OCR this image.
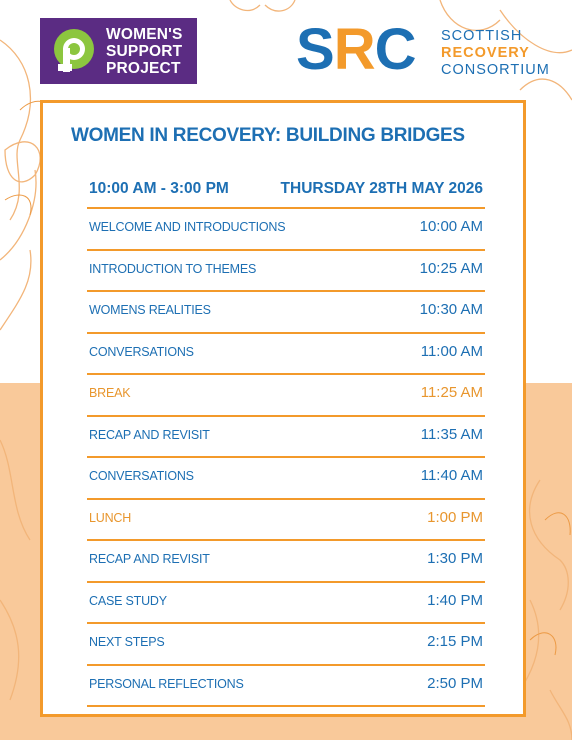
WOMEN'S
SUPPORT
PROJECT SRC SCOTTISH
RECOVERY
CONSORTIUM
WOMEN IN RECOVERY: BUILDING BRIDGES
10:00 AM - 3:00 PM	THURSDAY 28TH MAY 2026
WELCOME AND INTRODUCTIONS	10:00 AM
INTRODUCTION TO THEMES	10:25 AM
WOMENS REALITIES	10:30 AM
CONVERSATIONS	11:00 AM
BREAK	11:25 AM
RECAP AND REVISIT	11:35 AM
CONVERSATIONS	11:40 AM
LUNCH	1:00 PM
RECAP AND REVISIT	1:30 PM
CASE STUDY	1:40 PM
NEXT STEPS	2:15 PM
PERSONAL REFLECTIONS	2:50 PM
